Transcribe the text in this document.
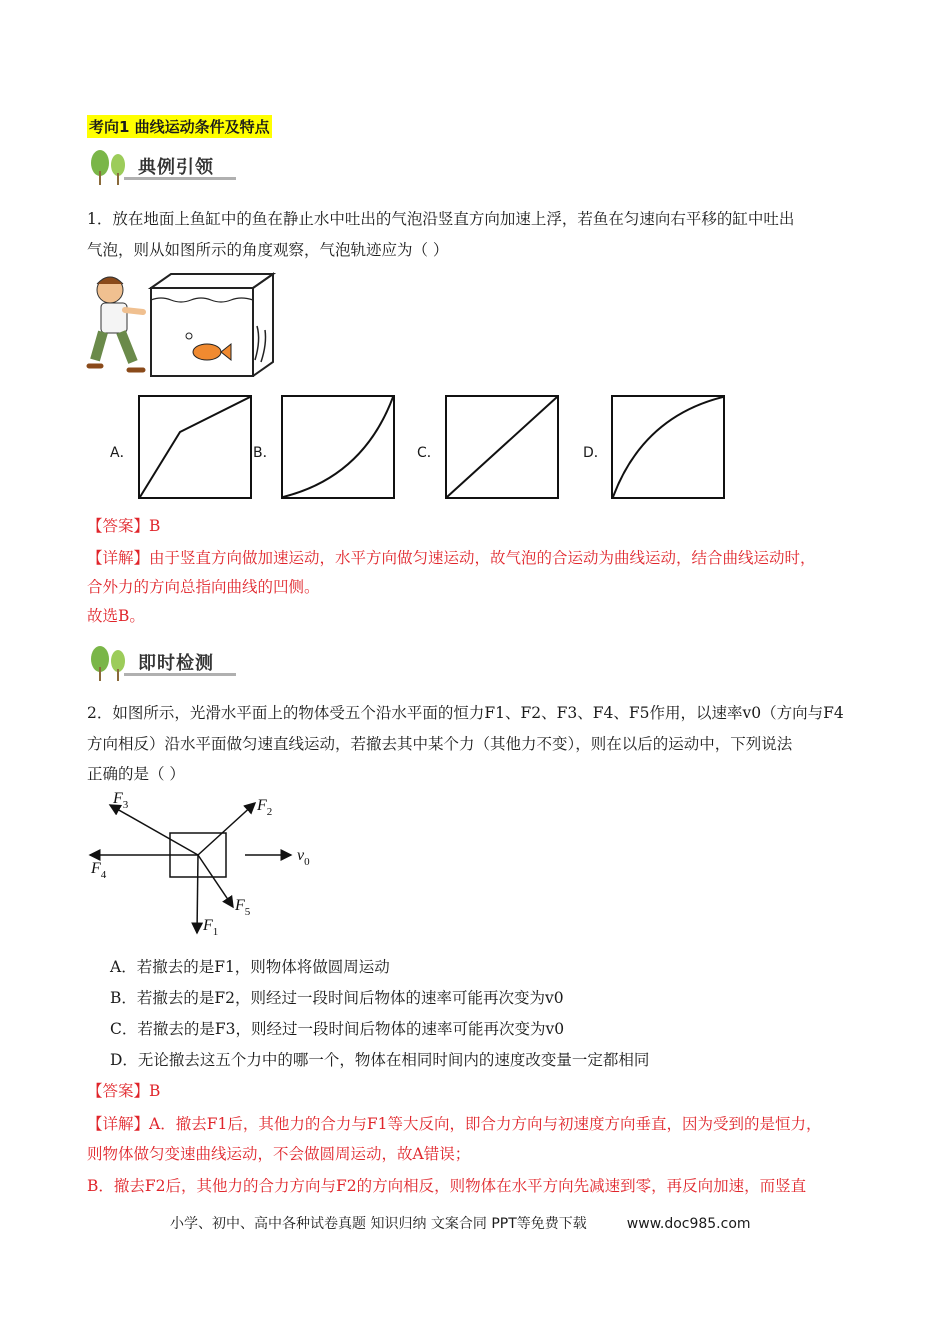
考向1 曲线运动条件及特点
典例引领
1．放在地面上鱼缸中的鱼在静止水中吐出的气泡沿竖直方向加速上浮，若鱼在匀速向右平移的缸中吐出
气泡，则从如图所示的角度观察，气泡轨迹应为（ ）
A．	B．	C．	D．
【答案】B
【详解】由于竖直方向做加速运动，水平方向做匀速运动，故气泡的合运动为曲线运动，结合曲线运动时，
合外力的方向总指向曲线的凹侧。
故选B。
即时检测
2．如图所示，光滑水平面上的物体受五个沿水平面的恒力F1、F2、F3、F4、F5作用，以速率v0（方向与F4
方向相反）沿水平面做匀速直线运动，若撤去其中某个力（其他力不变），则在以后的运动中，下列说法
正确的是（ ）
$F_3$	$F_2$
$F_4$
$F_5$
$F_1$
$v_0$
A．若撤去的是F1，则物体将做圆周运动
B．若撤去的是F2，则经过一段时间后物体的速率可能再次变为v0
C．若撤去的是F3，则经过一段时间后物体的速率可能再次变为v0
D．无论撤去这五个力中的哪一个，物体在相同时间内的速度改变量一定都相同
【答案】B
【详解】A．撤去F1后，其他力的合力与F1等大反向，即合力方向与初速度方向垂直，因为受到的是恒力，
则物体做匀变速曲线运动，不会做圆周运动，故A错误；
B．撤去F2后，其他力的合力方向与F2的方向相反，则物体在水平方向先减速到零，再反向加速，而竖直
小学、初中、高中各种试卷真题 知识归纳 文案合同 PPT等免费下载	www.doc985.com
